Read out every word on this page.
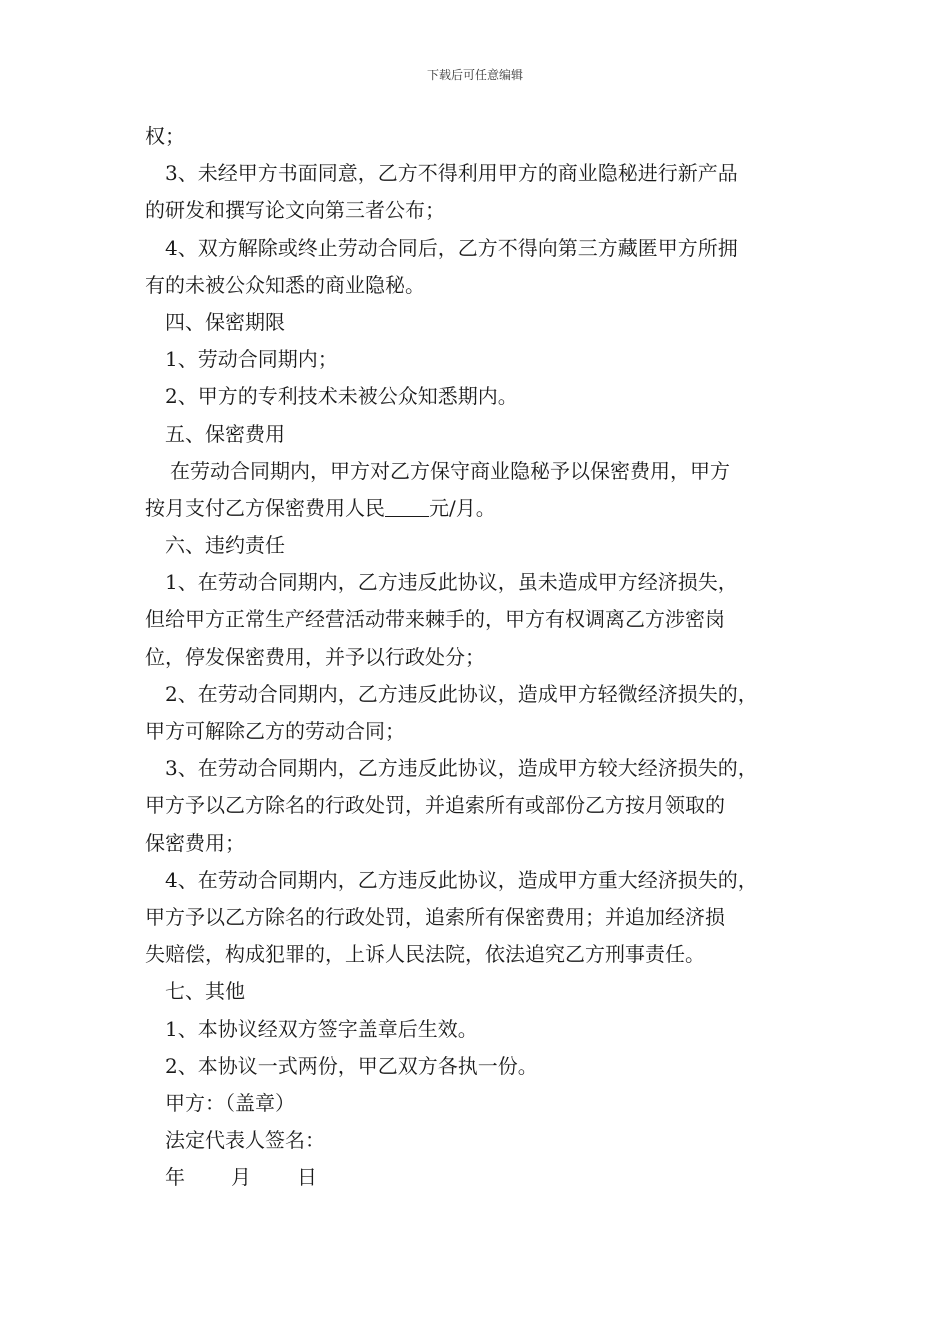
下载后可任意编辑
权；
3、未经甲方书面同意，乙方不得利用甲方的商业隐秘进行新产品
的研发和撰写论文向第三者公布；
4、双方解除或终止劳动合同后，乙方不得向第三方藏匿甲方所拥
有的未被公众知悉的商业隐秘。
四、保密期限
1、劳动合同期内；
2、甲方的专利技术未被公众知悉期内。
五、保密费用
在劳动合同期内，甲方对乙方保守商业隐秘予以保密费用，甲方
按月支付乙方保密费用人民 元/月。
六、违约责任
1、在劳动合同期内，乙方违反此协议，虽未造成甲方经济损失，
但给甲方正常生产经营活动带来棘手的，甲方有权调离乙方涉密岗
位，停发保密费用，并予以行政处分；
2、在劳动合同期内，乙方违反此协议，造成甲方轻微经济损失的，
甲方可解除乙方的劳动合同；
3、在劳动合同期内，乙方违反此协议，造成甲方较大经济损失的，
甲方予以乙方除名的行政处罚，并追索所有或部份乙方按月领取的
保密费用；
4、在劳动合同期内，乙方违反此协议，造成甲方重大经济损失的，
甲方予以乙方除名的行政处罚，追索所有保密费用；并追加经济损
失赔偿，构成犯罪的，上诉人民法院，依法追究乙方刑事责任。
七、其他
1、本协议经双方签字盖章后生效。
2、本协议一式两份，甲乙双方各执一份。
甲方：（盖章）
法定代表人签名：
年 月 日
